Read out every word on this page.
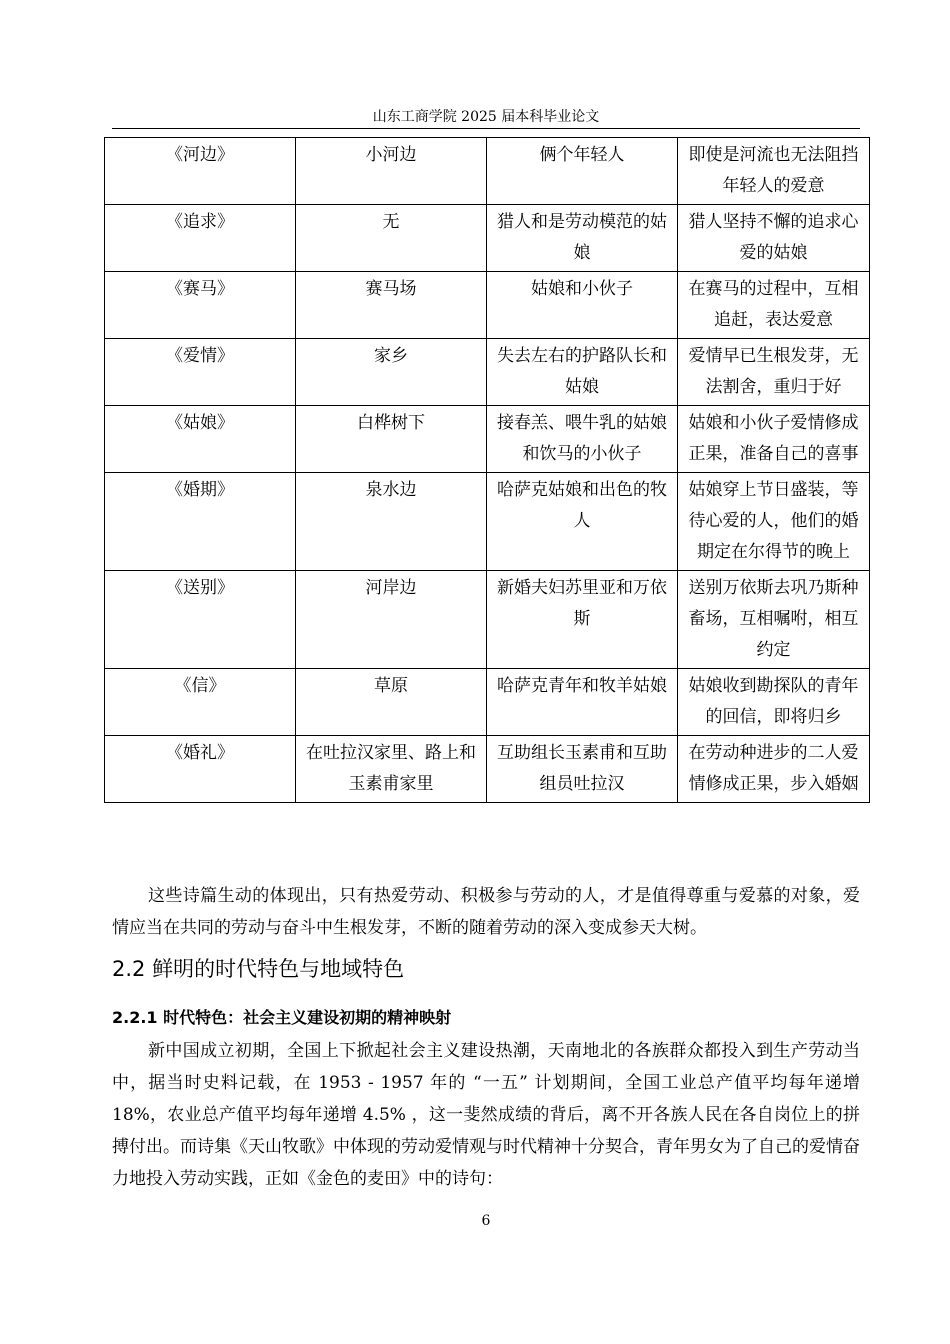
山东工商学院 2025 届本科毕业论文
《河边》	小河边	俩个年轻人	即使是河流也无法阻挡年轻人的爱意
《追求》	无	猎人和是劳动模范的姑娘	猎人坚持不懈的追求心爱的姑娘
《赛马》	赛马场	姑娘和小伙子	在赛马的过程中，互相追赶，表达爱意
《爱情》	家乡	失去左右的护路队长和姑娘	爱情早已生根发芽，无法割舍，重归于好
《姑娘》	白桦树下	接春羔、喂牛乳的姑娘和饮马的小伙子	姑娘和小伙子爱情修成正果，准备自己的喜事
《婚期》	泉水边	哈萨克姑娘和出色的牧人	姑娘穿上节日盛装，等待心爱的人，他们的婚期定在尔得节的晚上
《送别》	河岸边	新婚夫妇苏里亚和万依斯	送别万依斯去巩乃斯种畜场，互相嘱咐，相互约定
《信》	草原	哈萨克青年和牧羊姑娘	姑娘收到勘探队的青年的回信，即将归乡
《婚礼》	在吐拉汉家里、路上和玉素甫家里	互助组长玉素甫和互助组员吐拉汉	在劳动种进步的二人爱情修成正果，步入婚姻

这些诗篇生动的体现出，只有热爱劳动、积极参与劳动的人，才是值得尊重与爱慕的对象，爱情应当在共同的劳动与奋斗中生根发芽，不断的随着劳动的深入变成参天大树。

2.2 鲜明的时代特色与地域特色
2.2.1 时代特色：社会主义建设初期的精神映射

新中国成立初期，全国上下掀起社会主义建设热潮，天南地北的各族群众都投入到生产劳动当中，据当时史料记载，在 1953 - 1957 年的 “一五” 计划期间，全国工业总产值平均每年递增 18%，农业总产值平均每年递增 4.5% ，这一斐然成绩的背后，离不开各族人民在各自岗位上的拼搏付出。而诗集《天山牧歌》中体现的劳动爱情观与时代精神十分契合，青年男女为了自己的爱情奋力地投入劳动实践，正如《金色的麦田》中的诗句：

6
